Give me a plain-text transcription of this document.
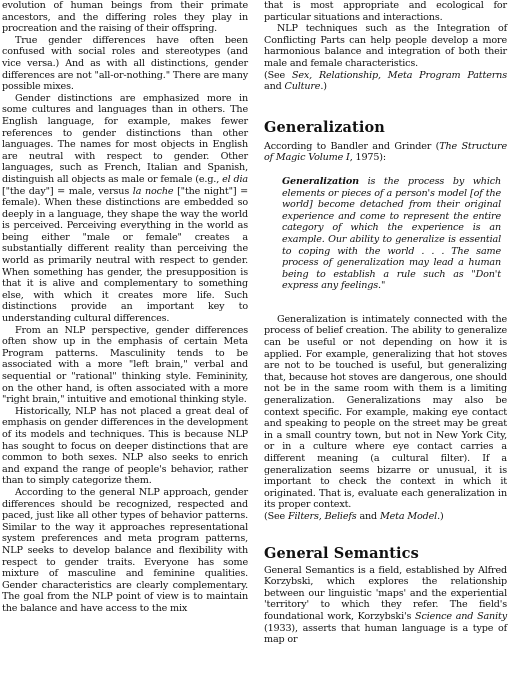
evolution of human beings from their primate ancestors, and the differing roles they play in procreation and the raising of their offspring.

True gender differences have often been confused with social roles and stereotypes (and vice versa.) And as with all distinctions, gender differences are not "all-or-nothing." There are many possible mixes.

Gender distinctions are emphasized more in some cultures and languages than in others. The English language, for example, makes fewer references to gender distinctions than other languages. The names for most objects in English are neutral with respect to gender. Other languages, such as French, Italian and Spanish, distinguish all objects as male or female (e.g., el dia ["the day"] = male, versus la noche ["the night"] = female). When these distinctions are embedded so deeply in a language, they shape the way the world is perceived. Perceiving everything in the world as being either "male or female" creates a substantially different reality than perceiving the world as primarily neutral with respect to gender. When something has gender, the presupposition is that it is alive and complementary to something else, with which it creates more life. Such distinctions provide an important key to understanding cultural differences.

From an NLP perspective, gender differences often show up in the emphasis of certain Meta Program patterns. Masculinity tends to be associated with a more "left brain," verbal and sequential or "rational" thinking style. Femininity, on the other hand, is often associated with a more "right brain," intuitive and emotional thinking style.

Historically, NLP has not placed a great deal of emphasis on gender differences in the development of its models and techniques. This is because NLP has sought to focus on deeper distinctions that are common to both sexes. NLP also seeks to enrich and expand the range of people's behavior, rather than to simply categorize them.

According to the general NLP approach, gender differences should be recognized, respected and paced, just like all other types of behavior patterns. Similar to the way it approaches representational system preferences and meta program patterns, NLP seeks to develop balance and flexibility with respect to gender traits. Everyone has some mixture of masculine and feminine qualities. Gender characteristics are clearly complementary. The goal from the NLP point of view is to maintain the balance and have access to the mix

that is most appropriate and ecological for particular situations and interactions.

NLP techniques such as the Integration of Conflicting Parts can help people develop a more harmonious balance and integration of both their male and female characteristics.

(See Sex, Relationship, Meta Program Patterns and Culture.)

Generalization

According to Bandler and Grinder (The Structure of Magic Volume I, 1975):

Generalization is the process by which elements or pieces of a person's model [of the world] become detached from their original experience and come to represent the entire category of which the experience is an example. Our ability to generalize is essential to coping with the world . . . The same process of generalization may lead a human being to establish a rule such as "Don't express any feelings."

Generalization is intimately connected with the process of belief creation. The ability to generalize can be useful or not depending on how it is applied. For example, generalizing that hot stoves are not to be touched is useful, but generalizing that, because hot stoves are dangerous, one should not be in the same room with them is a limiting generalization. Generalizations may also be context specific. For example, making eye contact and speaking to people on the street may be great in a small country town, but not in New York City, or in a culture where eye contact carries a different meaning (a cultural filter). If a generalization seems bizarre or unusual, it is important to check the context in which it originated. That is, evaluate each generalization in its proper context.

(See Filters, Beliefs and Meta Model.)

General Semantics

General Semantics is a field, established by Alfred Korzybski, which explores the relationship between our linguistic 'maps' and the experiential 'territory' to which they refer. The field's foundational work, Korzybski's Science and Sanity (1933), asserts that human language is a type of map or
